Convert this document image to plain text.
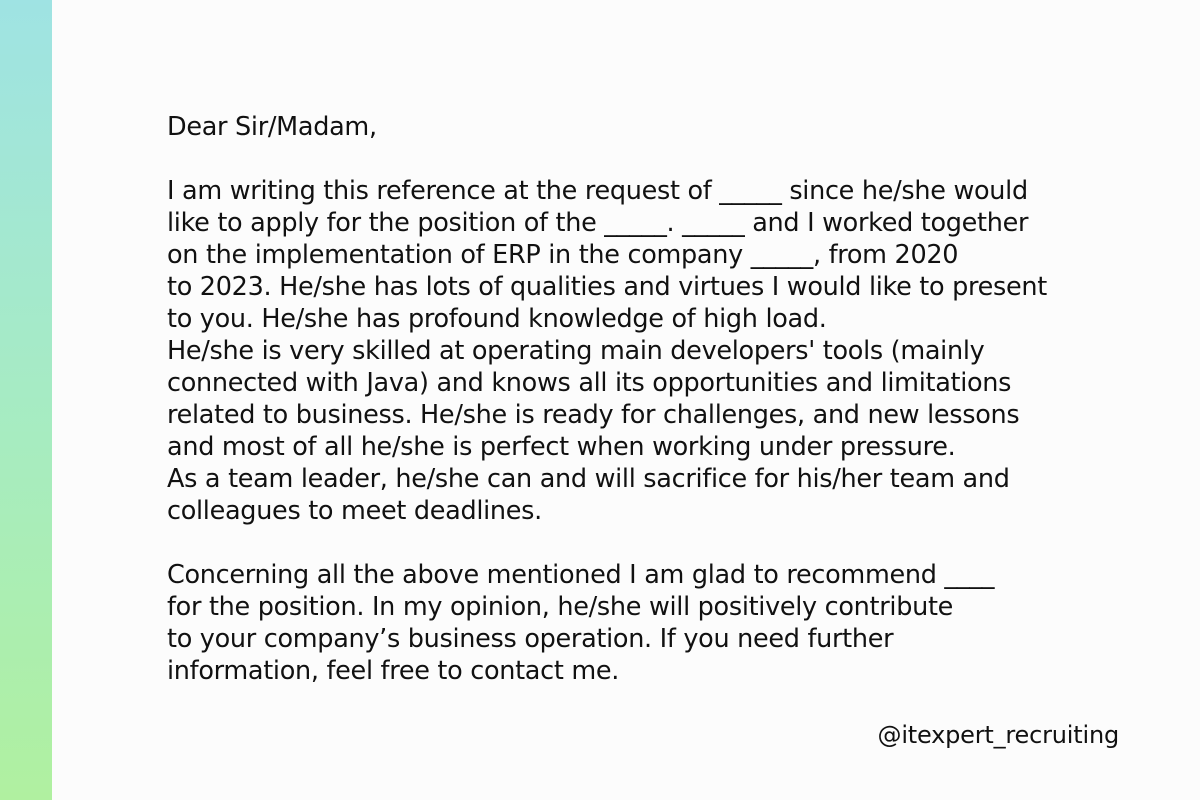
Dear Sir/Madam,

I am writing this reference at the request of _____ since he/she would
like to apply for the position of the _____. _____ and I worked together
on the implementation of ERP in the company _____, from 2020
to 2023. He/she has lots of qualities and virtues I would like to present
to you. He/she has profound knowledge of high load.
He/she is very skilled at operating main developers' tools (mainly
connected with Java) and knows all its opportunities and limitations
related to business. He/she is ready for challenges, and new lessons
and most of all he/she is perfect when working under pressure.
As a team leader, he/she can and will sacrifice for his/her team and
colleagues to meet deadlines.

Concerning all the above mentioned I am glad to recommend ____
for the position. In my opinion, he/she will positively contribute
to your company’s business operation. If you need further
information, feel free to contact me.

@itexpert_recruiting
